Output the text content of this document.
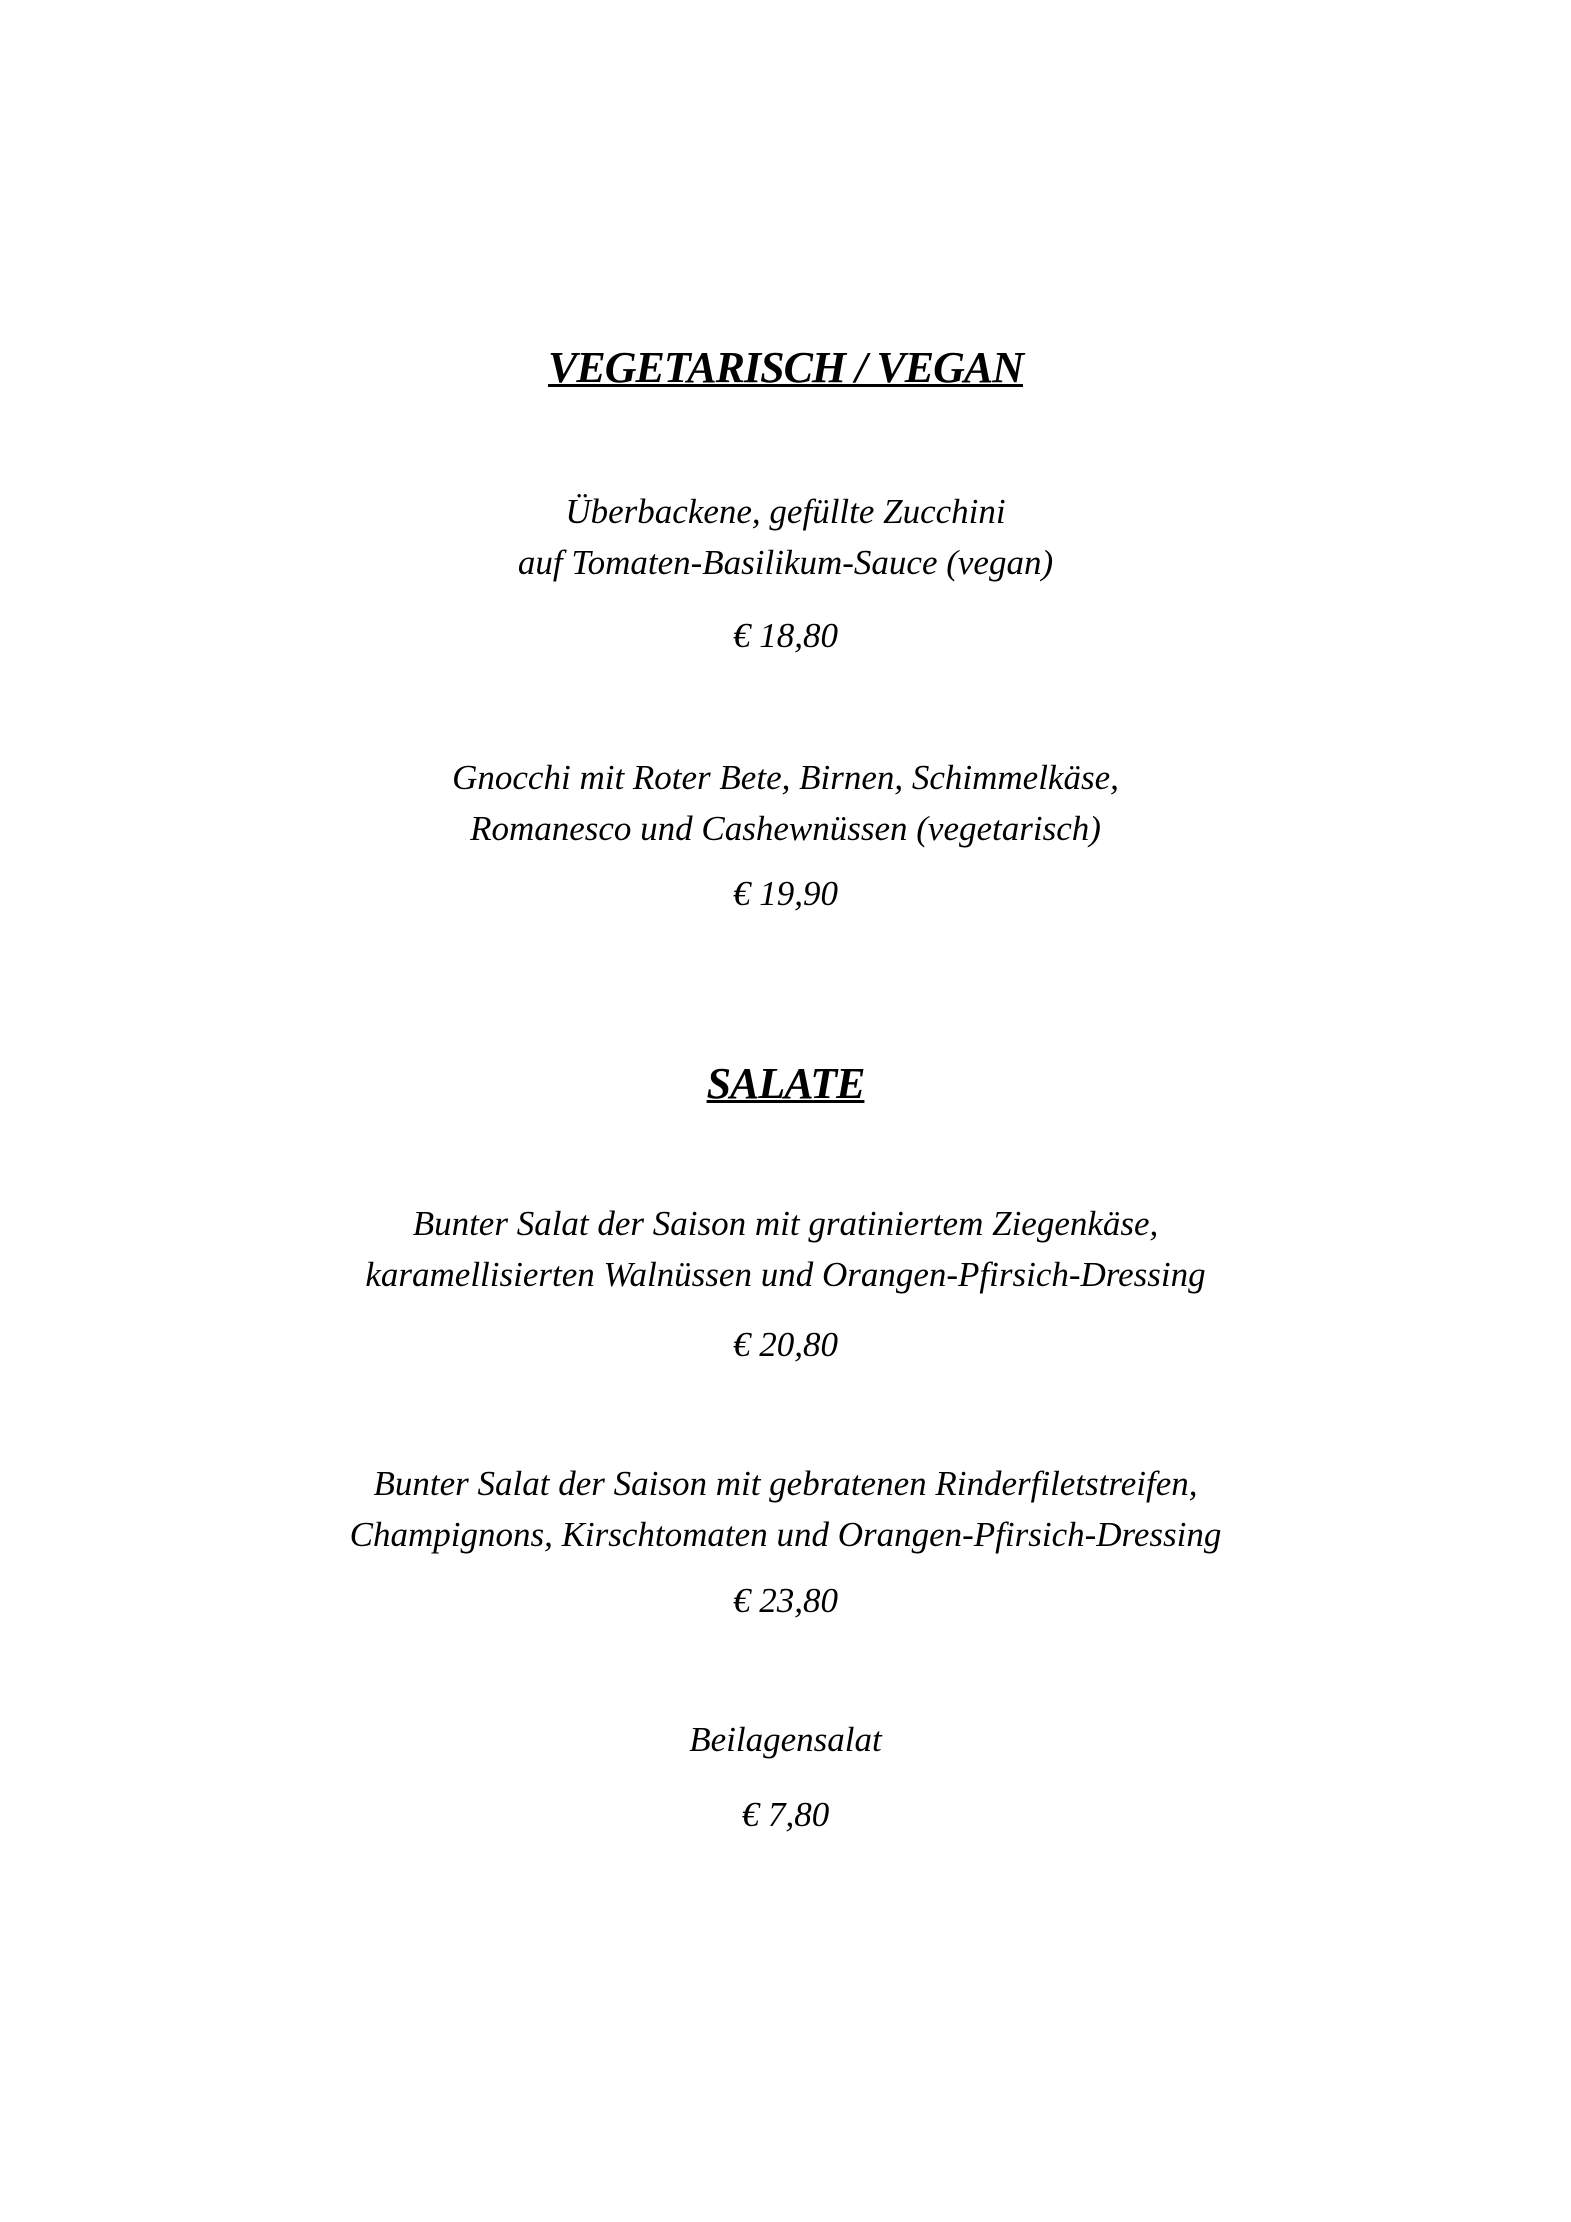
VEGETARISCH / VEGAN
Überbackene, gefüllte Zucchini
auf Tomaten-Basilikum-Sauce (vegan)
€ 18,80
Gnocchi mit Roter Bete, Birnen, Schimmelkäse,
Romanesco und Cashewnüssen (vegetarisch)
€ 19,90
SALATE
Bunter Salat der Saison mit gratiniertem Ziegenkäse,
karamellisierten Walnüssen und Orangen-Pfirsich-Dressing
€ 20,80
Bunter Salat der Saison mit gebratenen Rinderfiletstreifen,
Champignons, Kirschtomaten und Orangen-Pfirsich-Dressing
€ 23,80
Beilagensalat
€ 7,80
